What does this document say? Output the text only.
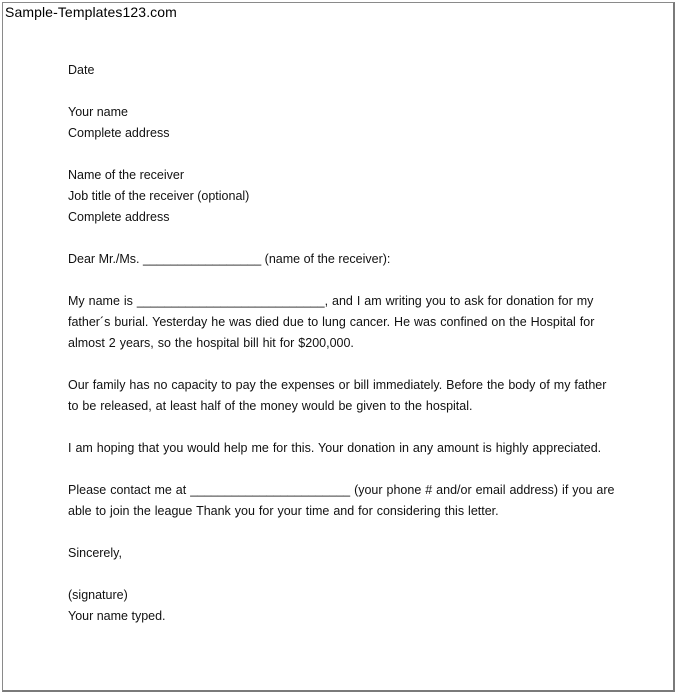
Sample-Templates123.com
Date
Your name
Complete address
Name of the receiver
Job title of the receiver (optional)
Complete address
Dear Mr./Ms. _________________ (name of the receiver):
My name is ___________________________, and I am writing you to ask for donation for my father´s burial. Yesterday he was died due to lung cancer. He was confined on the Hospital for almost 2 years, so the hospital bill hit for $200,000.
Our family has no capacity to pay the expenses or bill immediately. Before the body of my father to be released, at least half of the money would be given to the hospital.
I am hoping that you would help me for this. Your donation in any amount is highly appreciated.
Please contact me at _______________________ (your phone # and/or email address) if you are able to join the league Thank you for your time and for considering this letter.
Sincerely,
(signature)
Your name typed.
